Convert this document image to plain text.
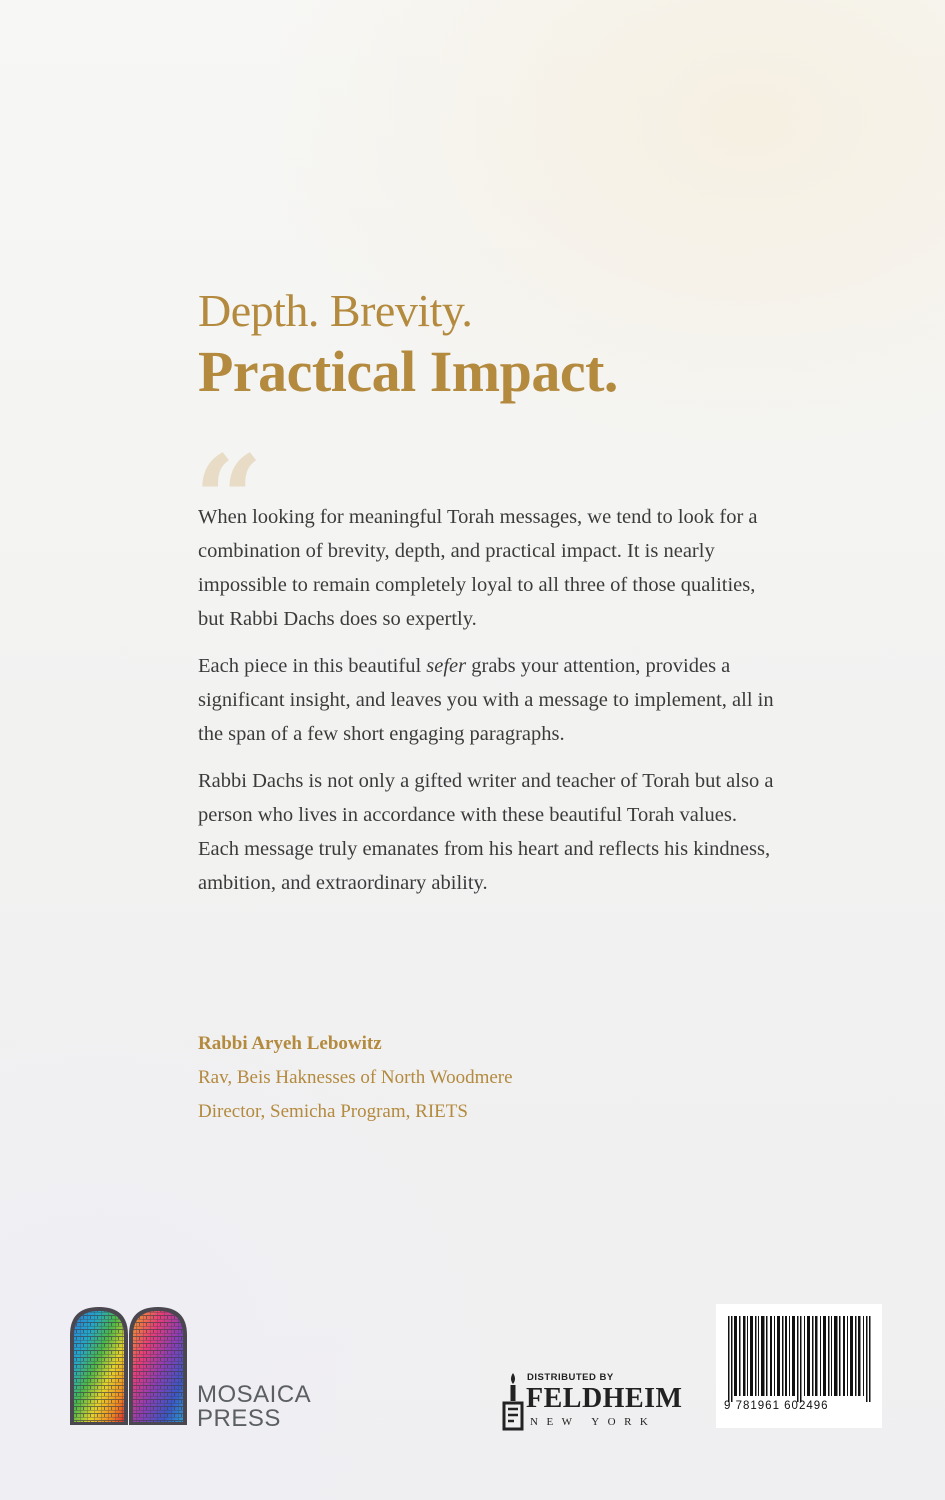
Depth. Brevity.
Practical Impact.
“

When looking for meaningful Torah messages, we tend to look for a combination of brevity, depth, and practical impact. It is nearly impossible to remain completely loyal to all three of those qualities, but Rabbi Dachs does so expertly.

Each piece in this beautiful sefer grabs your attention, provides a significant insight, and leaves you with a message to implement, all in the span of a few short engaging paragraphs.

Rabbi Dachs is not only a gifted writer and teacher of Torah but also a person who lives in accordance with these beautiful Torah values. Each message truly emanates from his heart and reflects his kindness, ambition, and extraordinary ability.

Rabbi Aryeh Lebowitz
Rav, Beis Haknesses of North Woodmere
Director, Semicha Program, RIETS
MOSAICA
PRESS
DISTRIBUTED BY
FELDHEIM
NEW YORK
9 781961 602496
